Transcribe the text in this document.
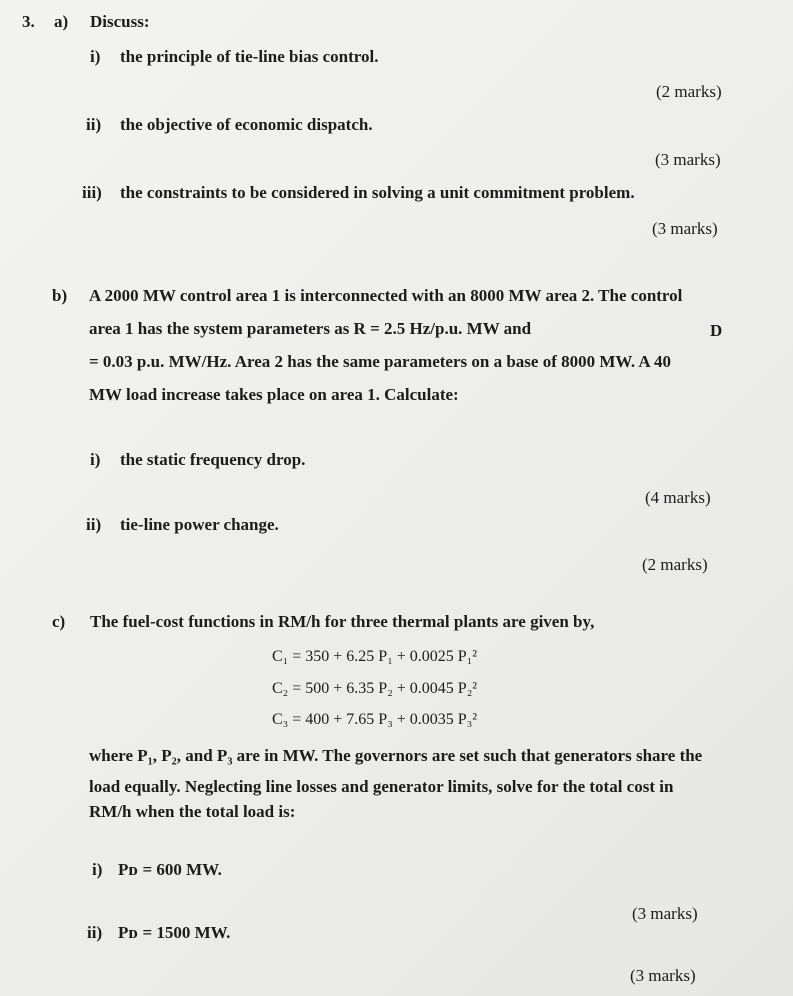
3. a) Discuss:
i) the principle of tie-line bias control.
(2 marks)
ii) the objective of economic dispatch.
(3 marks)
iii) the constraints to be considered in solving a unit commitment problem.
(3 marks)
b) A 2000 MW control area 1 is interconnected with an 8000 MW area 2. The control
area 1 has the system parameters as R = 2.5 Hz/p.u. MW and	D
= 0.03 p.u. MW/Hz. Area 2 has the same parameters on a base of 8000 MW. A 40
MW load increase takes place on area 1. Calculate:
i) the static frequency drop.
(4 marks)
ii) tie-line power change.
(2 marks)
c) The fuel-cost functions in RM/h for three thermal plants are given by,
C₁ = 350 + 6.25 P₁ + 0.0025 P₁²
C₂ = 500 + 6.35 P₂ + 0.0045 P₂²
C₃ = 400 + 7.65 P₃ + 0.0035 P₃²
where P₁, P₂, and P₃ are in MW. The governors are set such that generators share the
load equally. Neglecting line losses and generator limits, solve for the total cost in
RM/h when the total load is:
i) Pᴅ = 600 MW.
(3 marks)
ii) Pᴅ = 1500 MW.
(3 marks)
